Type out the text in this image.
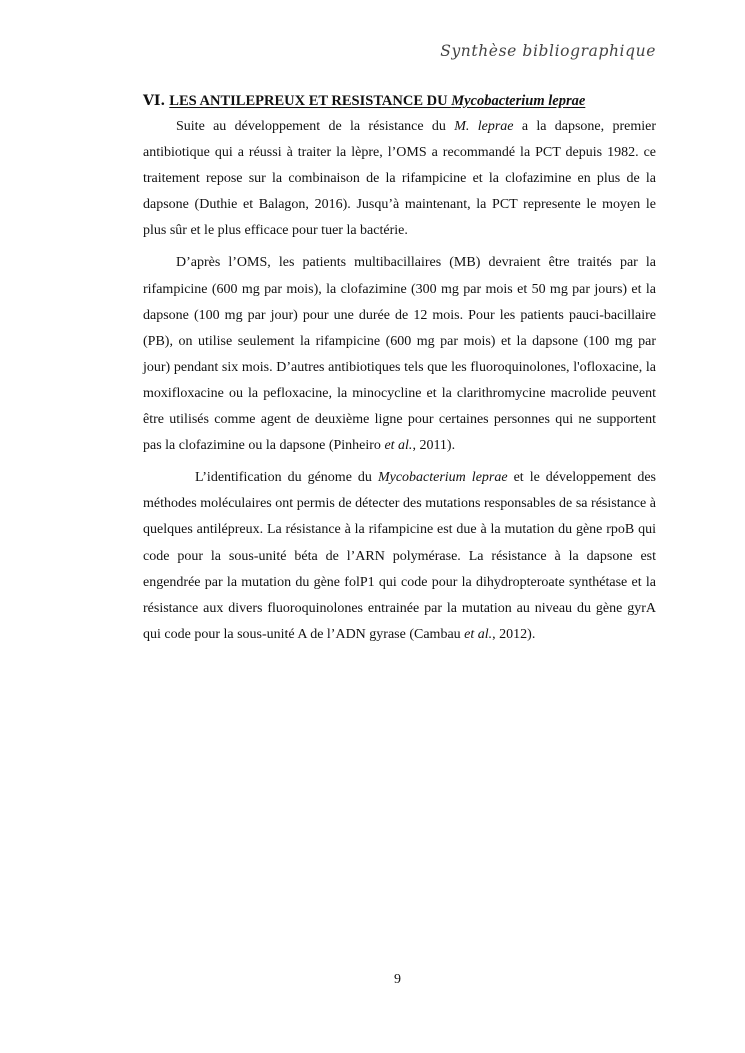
Synthèse bibliographique
VI. LES ANTILEPREUX ET RESISTANCE DU Mycobacterium leprae

Suite au développement de la résistance du M. leprae a la dapsone, premier antibiotique qui a réussi à traiter la lèpre, l’OMS a recommandé la PCT depuis 1982. ce traitement repose sur la combinaison de la rifampicine et la clofazimine en plus de la dapsone (Duthie et Balagon, 2016). Jusqu’à maintenant, la PCT represente le moyen le plus sûr et le plus efficace pour tuer la bactérie.

D’après l’OMS, les patients multibacillaires (MB) devraient être traités par la rifampicine (600 mg par mois), la clofazimine (300 mg par mois et 50 mg par jours) et la dapsone (100 mg par jour) pour une durée de 12 mois. Pour les patients pauci-bacillaire (PB), on utilise seulement la rifampicine (600 mg par mois) et la dapsone (100 mg par jour) pendant six mois. D’autres antibiotiques tels que les fluoroquinolones, l'ofloxacine, la moxifloxacine ou la pefloxacine, la minocycline et la clarithromycine macrolide peuvent être utilisés comme agent de deuxième ligne pour certaines personnes qui ne supportent pas la clofazimine ou la dapsone (Pinheiro et al., 2011).

L’identification du génome du Mycobacterium leprae et le développement des méthodes moléculaires ont permis de détecter des mutations responsables de sa résistance à quelques antilépreux. La résistance à la rifampicine est due à la mutation du gène rpoB qui code pour la sous-unité béta de l’ARN polymérase. La résistance à la dapsone est engendrée par la mutation du gène folP1 qui code pour la dihydropteroate synthétase et la résistance aux divers fluoroquinolones entrainée par la mutation au niveau du gène gyrA qui code pour la sous-unité A de l’ADN gyrase (Cambau et al., 2012).

9
